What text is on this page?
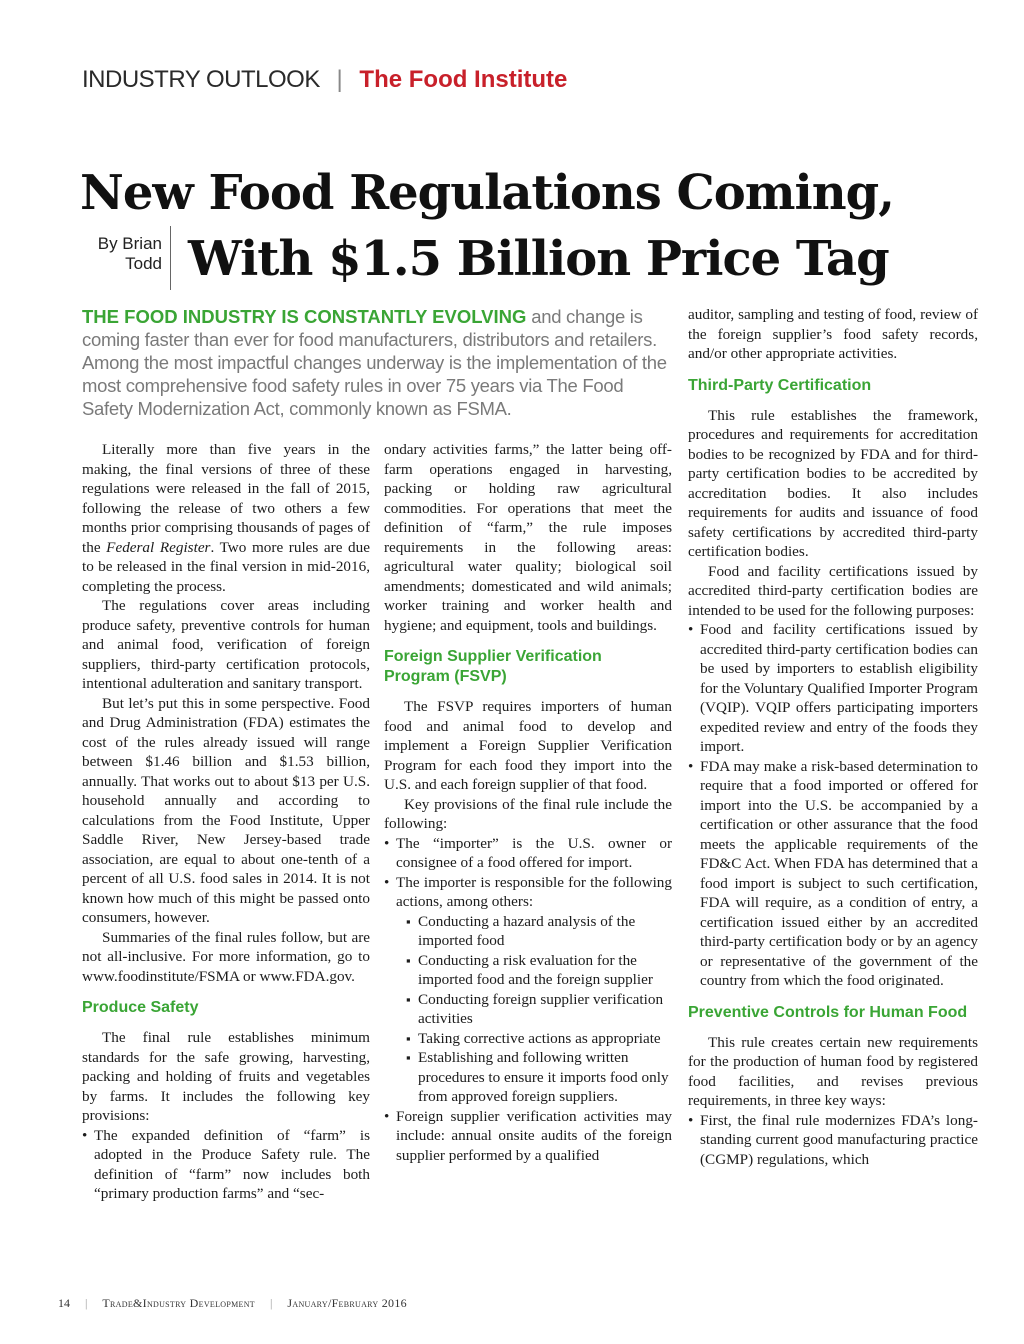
INDUSTRY OUTLOOK | The Food Institute
New Food Regulations Coming,
With $1.5 Billion Price Tag
By Brian
Todd
THE FOOD INDUSTRY IS CONSTANTLY EVOLVING and change is coming faster than ever for food manufacturers, distributors and retailers. Among the most impactful changes underway is the implementation of the most comprehensive food safety rules in over 75 years via The Food Safety Modernization Act, commonly known as FSMA.

Literally more than five years in the making, the final versions of three of these regulations were released in the fall of 2015, following the release of two others a few months prior comprising thousands of pages of the Federal Register. Two more rules are due to be released in the final version in mid-2016, completing the process.

The regulations cover areas including produce safety, preventive controls for human and animal food, verification of foreign suppliers, third-party certification protocols, intentional adulteration and sanitary transport.

But let’s put this in some perspective. Food and Drug Administration (FDA) estimates the cost of the rules already issued will range between $1.46 billion and $1.53 billion, annually. That works out to about $13 per U.S. household annually and according to calculations from the Food Institute, Upper Saddle River, New Jersey-based trade association, are equal to about one-tenth of a percent of all U.S. food sales in 2014. It is not known how much of this might be passed onto consumers, however.

Summaries of the final rules follow, but are not all-inclusive. For more information, go to www.foodinstitute/FSMA or www.FDA.gov.

Produce Safety

The final rule establishes minimum standards for the safe growing, harvesting, packing and holding of fruits and vegetables by farms. It includes the following key provisions:

• The expanded definition of “farm” is adopted in the Produce Safety rule. The definition of “farm” now includes both “primary production farms” and “sec-

ondary activities farms,” the latter being off-farm operations engaged in harvesting, packing or holding raw agricultural commodities. For operations that meet the definition of “farm,” the rule imposes requirements in the following areas: agricultural water quality; biological soil amendments; domesticated and wild animals; worker training and worker health and hygiene; and equipment, tools and buildings.

Foreign Supplier Verification Program (FSVP)

The FSVP requires importers of human food and animal food to develop and implement a Foreign Supplier Verification Program for each food they import into the U.S. and each foreign supplier of that food.

Key provisions of the final rule include the following:

• The “importer” is the U.S. owner or consignee of a food offered for import.
• The importer is responsible for the following actions, among others:
▪ Conducting a hazard analysis of the imported food
▪ Conducting a risk evaluation for the imported food and the foreign supplier
▪ Conducting foreign supplier verification activities
▪ Taking corrective actions as appropriate
▪ Establishing and following written procedures to ensure it imports food only from approved foreign suppliers.
• Foreign supplier verification activities may include: annual onsite audits of the foreign supplier performed by a qualified

auditor, sampling and testing of food, review of the foreign supplier’s food safety records, and/or other appropriate activities.

Third-Party Certification

This rule establishes the framework, procedures and requirements for accreditation bodies to be recognized by FDA and for third-party certification bodies to be accredited by accreditation bodies. It also includes requirements for audits and issuance of food safety certifications by accredited third-party certification bodies.

Food and facility certifications issued by accredited third-party certification bodies are intended to be used for the following purposes:

• Food and facility certifications issued by accredited third-party certification bodies can be used by importers to establish eligibility for the Voluntary Qualified Importer Program (VQIP). VQIP offers participating importers expedited review and entry of the foods they import.
• FDA may make a risk-based determination to require that a food imported or offered for import into the U.S. be accompanied by a certification or other assurance that the food meets the applicable requirements of the FD&C Act. When FDA has determined that a food import is subject to such certification, FDA will require, as a condition of entry, a certification issued either by an accredited third-party certification body or by an agency or representative of the government of the country from which the food originated.
Preventive Controls for Human Food

This rule creates certain new requirements for the production of human food by registered food facilities, and revises previous requirements, in three key ways:

• First, the final rule modernizes FDA’s long-standing current good manufacturing practice (CGMP) regulations, which
14 | Trade&Industry Development | January/February 2016
